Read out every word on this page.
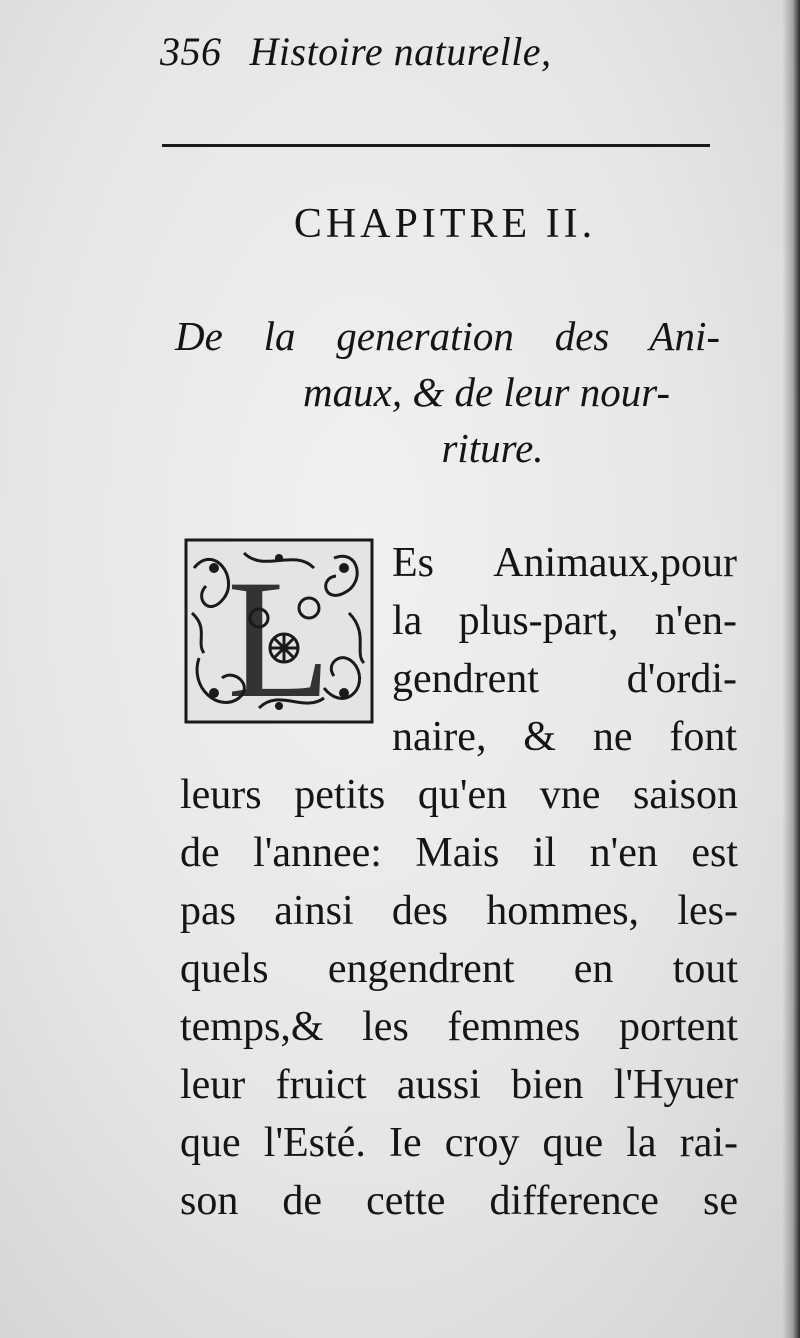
356 Histoire naturelle,
CHAPITRE II.
De la generation des Ani-
maux, & de leur nour-
riture.
L Es Animaux,pour
la plus-part, n'en-
gendrent d'ordi-
naire, & ne font
leurs petits qu'en vne saison
de l'annee: Mais il n'en est
pas ainsi des hommes, les-
quels engendrent en tout
temps,& les femmes portent
leur fruict aussi bien l'Hyuer
que l'Esté. Ie croy que la rai-
son de cette difference se
